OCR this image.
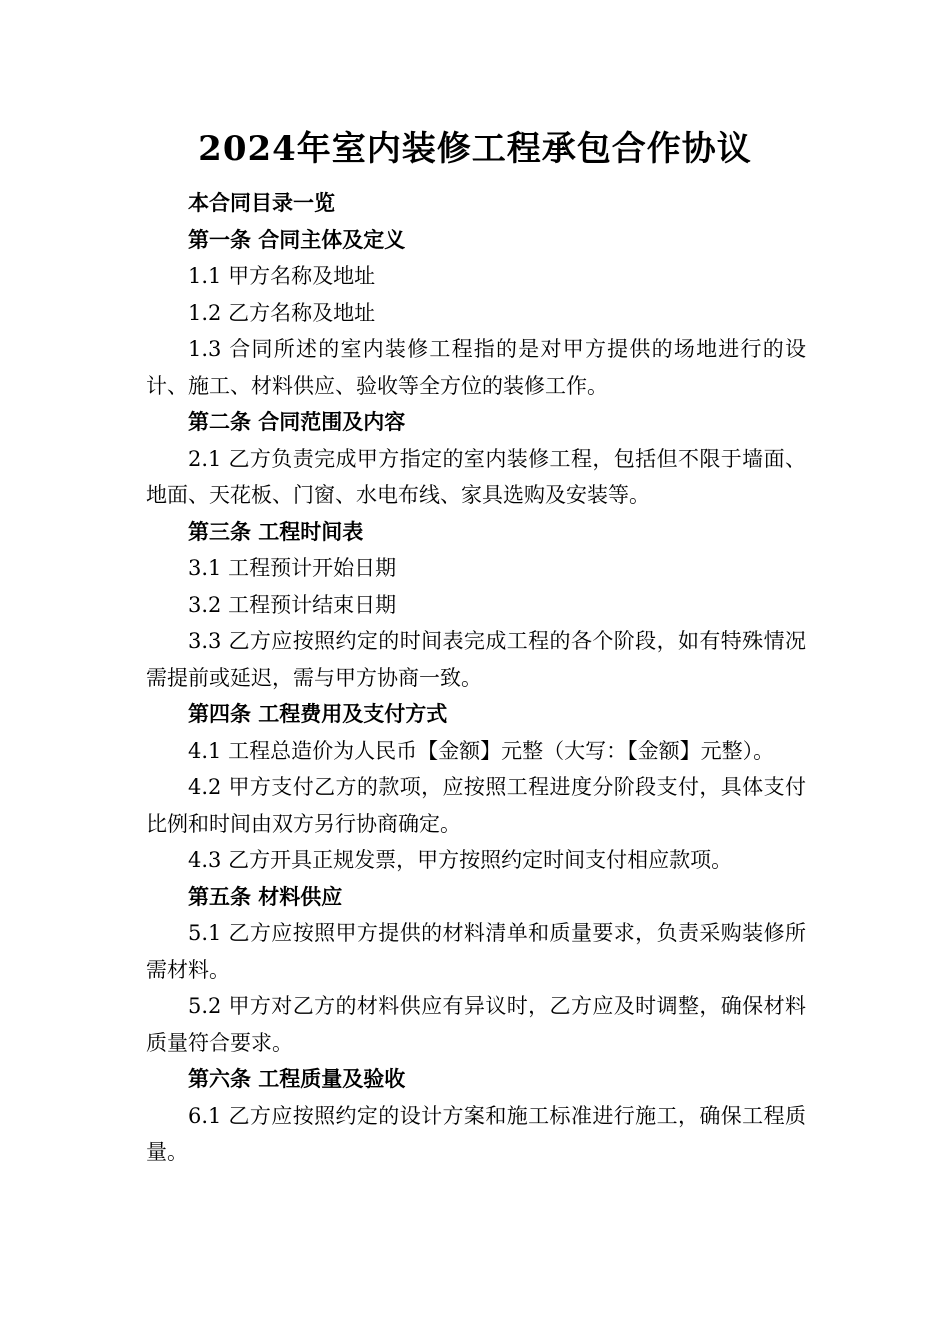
2024年室内装修工程承包合作协议

本合同目录一览

第一条 合同主体及定义

1.1 甲方名称及地址

1.2 乙方名称及地址

1.3 合同所述的室内装修工程指的是对甲方提供的场地进行的设计、施工、材料供应、验收等全方位的装修工作。

第二条 合同范围及内容

2.1 乙方负责完成甲方指定的室内装修工程，包括但不限于墙面、地面、天花板、门窗、水电布线、家具选购及安装等。

第三条 工程时间表

3.1 工程预计开始日期

3.2 工程预计结束日期

3.3 乙方应按照约定的时间表完成工程的各个阶段，如有特殊情况需提前或延迟，需与甲方协商一致。

第四条 工程费用及支付方式

4.1 工程总造价为人民币【金额】元整（大写：【金额】元整）。

4.2 甲方支付乙方的款项，应按照工程进度分阶段支付，具体支付比例和时间由双方另行协商确定。

4.3 乙方开具正规发票，甲方按照约定时间支付相应款项。

第五条 材料供应

5.1 乙方应按照甲方提供的材料清单和质量要求，负责采购装修所需材料。

5.2 甲方对乙方的材料供应有异议时，乙方应及时调整，确保材料质量符合要求。

第六条 工程质量及验收

6.1 乙方应按照约定的设计方案和施工标准进行施工，确保工程质量。
